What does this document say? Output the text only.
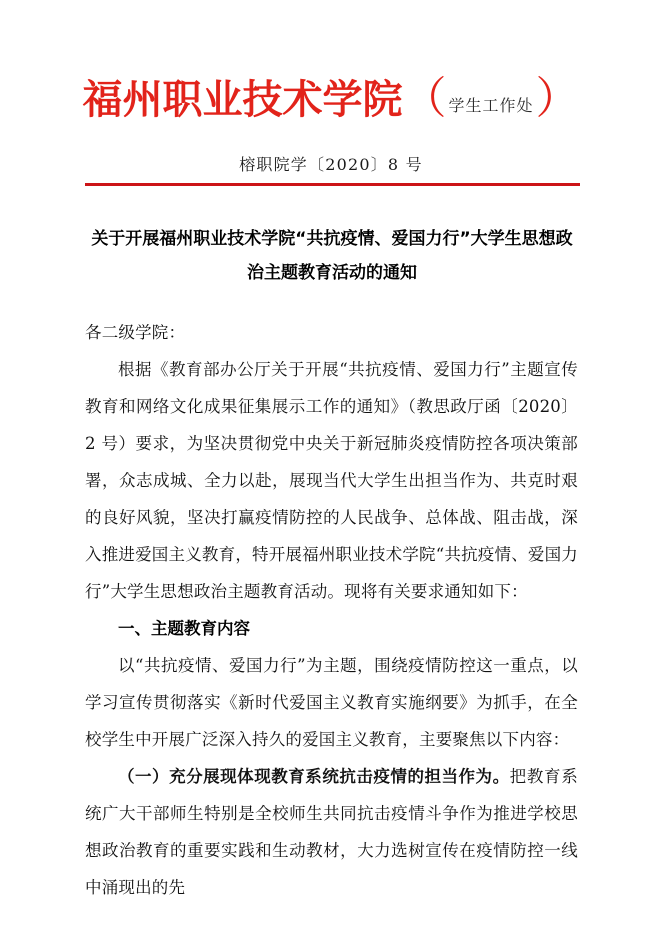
福州职业技术学院（ 学生工作处）
榕职院学〔2020〕8 号
关于开展福州职业技术学院“共抗疫情、爱国力行”大学生思想政治主题教育活动的通知

各二级学院：

根据《教育部办公厅关于开展“共抗疫情、爱国力行”主题宣传教育和网络文化成果征集展示工作的通知》（教思政厅函〔2020〕2 号）要求，为坚决贯彻党中央关于新冠肺炎疫情防控各项决策部署，众志成城、全力以赴，展现当代大学生出担当作为、共克时艰的良好风貌，坚决打赢疫情防控的人民战争、总体战、阻击战，深入推进爱国主义教育，特开展福州职业技术学院“共抗疫情、爱国力行”大学生思想政治主题教育活动。现将有关要求通知如下：

一、主题教育内容

以“共抗疫情、爱国力行”为主题，围绕疫情防控这一重点，以学习宣传贯彻落实《新时代爱国主义教育实施纲要》为抓手，在全校学生中开展广泛深入持久的爱国主义教育，主要聚焦以下内容：

（一）充分展现体现教育系统抗击疫情的担当作为。把教育系统广大干部师生特别是全校师生共同抗击疫情斗争作为推进学校思想政治教育的重要实践和生动教材，大力选树宣传在疫情防控一线中涌现出的先
